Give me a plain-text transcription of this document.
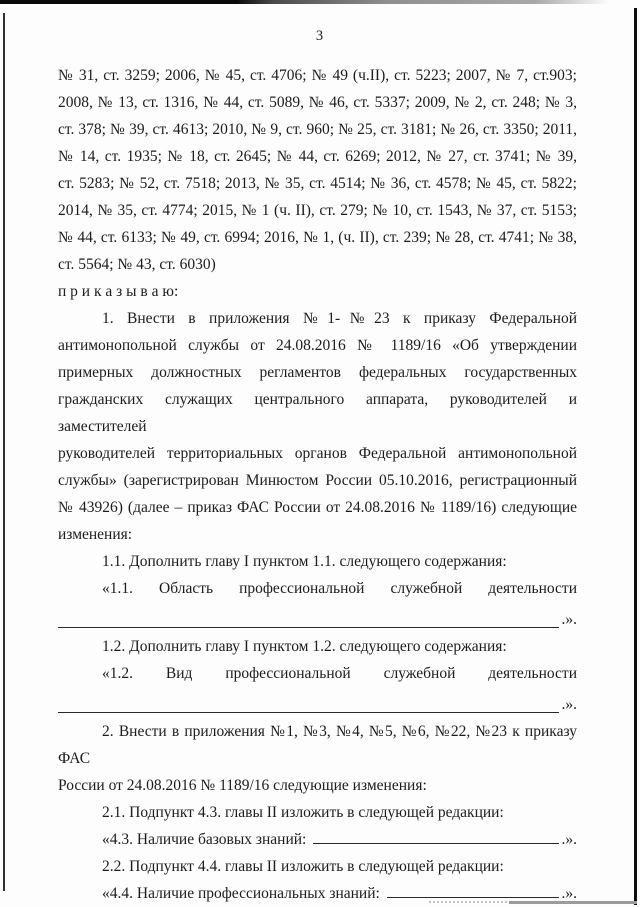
3
№ 31, ст. 3259; 2006, № 45, ст. 4706; № 49 (ч.II), ст. 5223; 2007, № 7, ст.903;
2008, № 13, ст. 1316, № 44, ст. 5089, № 46, ст. 5337; 2009, № 2, ст. 248; № 3,
ст. 378; № 39, ст. 4613; 2010, № 9, ст. 960; № 25, ст. 3181; № 26, ст. 3350; 2011,
№ 14, ст. 1935; № 18, ст. 2645; № 44, ст. 6269; 2012, № 27, ст. 3741; № 39,
ст. 5283; № 52, ст. 7518; 2013, № 35, ст. 4514; № 36, ст. 4578; № 45, ст. 5822;
2014, № 35, ст. 4774; 2015, № 1 (ч. II), ст. 279; № 10, ст. 1543, № 37, ст. 5153;
№ 44, ст. 6133; № 49, ст. 6994; 2016, № 1, (ч. II), ст. 239; № 28, ст. 4741; № 38,
ст. 5564; № 43, ст. 6030)
п р и к а з ы в а ю:
1. Внести в приложения №1-№23 к приказу Федеральной
антимонопольной службы от 24.08.2016 № 1189/16 «Об утверждении
примерных должностных регламентов федеральных государственных
гражданских служащих центрального аппарата, руководителей и заместителей
руководителей территориальных органов Федеральной антимонопольной
службы» (зарегистрирован Минюстом России 05.10.2016, регистрационный
№ 43926) (далее – приказ ФАС России от 24.08.2016 № 1189/16) следующие
изменения:
1.1. Дополнить главу I пунктом 1.1. следующего содержания:
«1.1. Область профессиональной служебной деятельности
.».
1.2. Дополнить главу I пунктом 1.2. следующего содержания:
«1.2. Вид профессиональной служебной деятельности
.».
2. Внести в приложения №1, №3, №4, №5, №6, №22, №23 к приказу ФАС
России от 24.08.2016 № 1189/16 следующие изменения:
2.1. Подпункт 4.3. главы II изложить в следующей редакции:
«4.3. Наличие базовых знаний:	.».
2.2. Подпункт 4.4. главы II изложить в следующей редакции:
«4.4. Наличие профессиональных знаний:	.».
